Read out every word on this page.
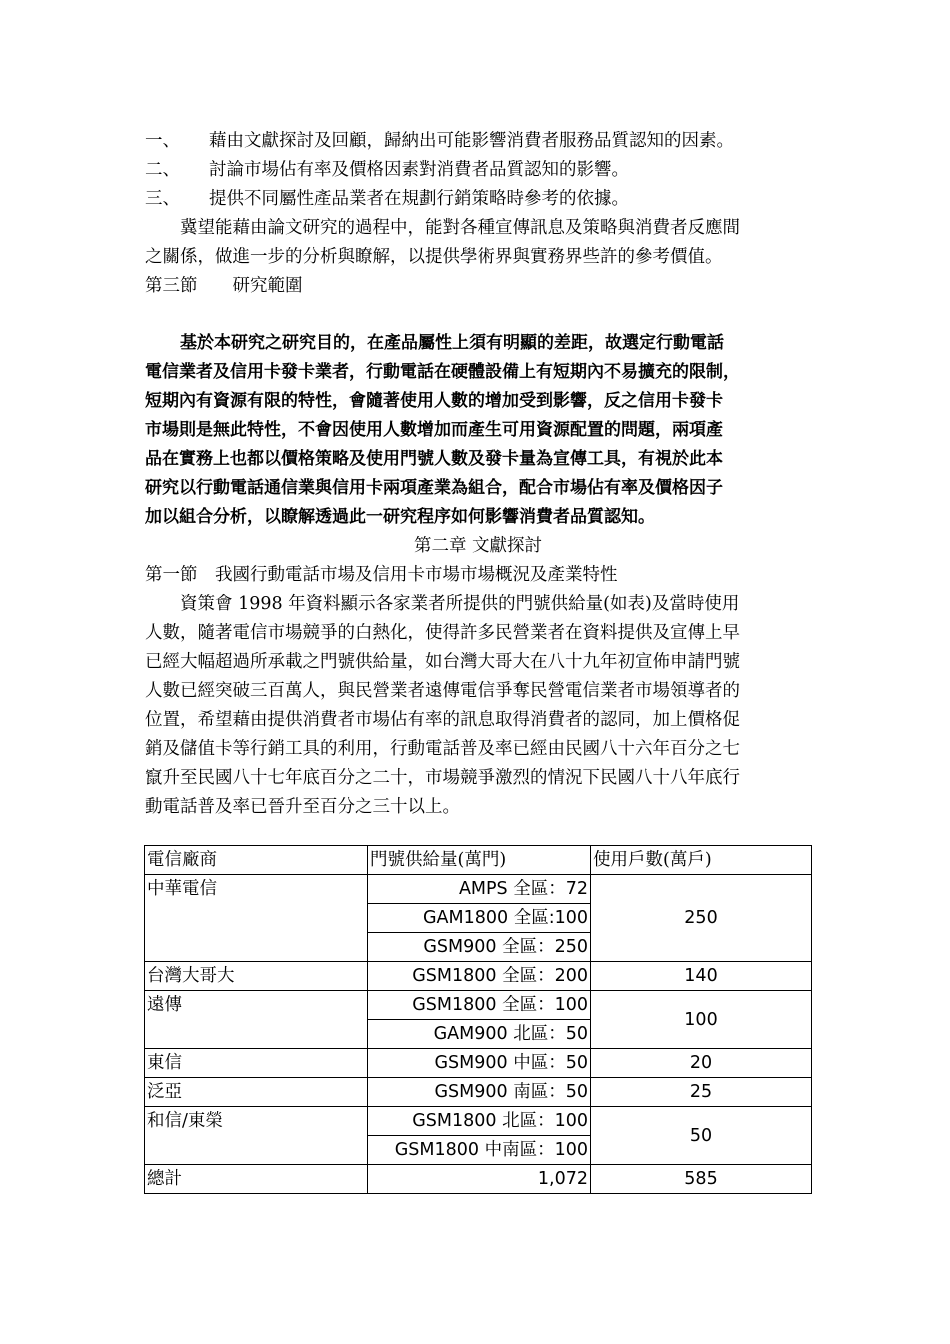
一、 藉由文獻探討及回顧，歸納出可能影響消費者服務品質認知的因素。
二、 討論市場佔有率及價格因素對消費者品質認知的影響。
三、 提供不同屬性產品業者在規劃行銷策略時參考的依據。
冀望能藉由論文研究的過程中，能對各種宣傳訊息及策略與消費者反應間
之關係，做進一步的分析與瞭解，以提供學術界與實務界些許的參考價值。
第三節　　研究範圍
基於本研究之研究目的，在產品屬性上須有明顯的差距，故選定行動電話
電信業者及信用卡發卡業者，行動電話在硬體設備上有短期內不易擴充的限制，
短期內有資源有限的特性，會隨著使用人數的增加受到影響，反之信用卡發卡
市場則是無此特性，不會因使用人數增加而產生可用資源配置的問題，兩項產
品在實務上也都以價格策略及使用門號人數及發卡量為宣傳工具，有視於此本
研究以行動電話通信業與信用卡兩項產業為組合，配合市場佔有率及價格因子
加以組合分析，以瞭解透過此一研究程序如何影響消費者品質認知。
第二章 文獻探討
第一節　我國行動電話市場及信用卡市場市場概況及產業特性
資策會 1998 年資料顯示各家業者所提供的門號供給量(如表)及當時使用
人數，隨著電信市場競爭的白熱化，使得許多民營業者在資料提供及宣傳上早
已經大幅超過所承載之門號供給量，如台灣大哥大在八十九年初宣佈申請門號
人數已經突破三百萬人，與民營業者遠傳電信爭奪民營電信業者市場領導者的
位置，希望藉由提供消費者市場佔有率的訊息取得消費者的認同，加上價格促
銷及儲值卡等行銷工具的利用，行動電話普及率已經由民國八十六年百分之七
竄升至民國八十七年底百分之二十，市場競爭激烈的情況下民國八十八年底行
動電話普及率已晉升至百分之三十以上。
電信廠商	門號供給量(萬門)	使用戶數(萬戶)
中華電信	AMPS 全區：72	250
	GAM1800 全區:100	
	GSM900 全區：250	
台灣大哥大	GSM1800 全區：200	140
遠傳	GSM1800 全區：100	100
	GAM900 北區：50	
東信	GSM900 中區：50	20
泛亞	GSM900 南區：50	25
和信/東榮	GSM1800 北區：100	50
	GSM1800 中南區：100	
總計	1,072	585
